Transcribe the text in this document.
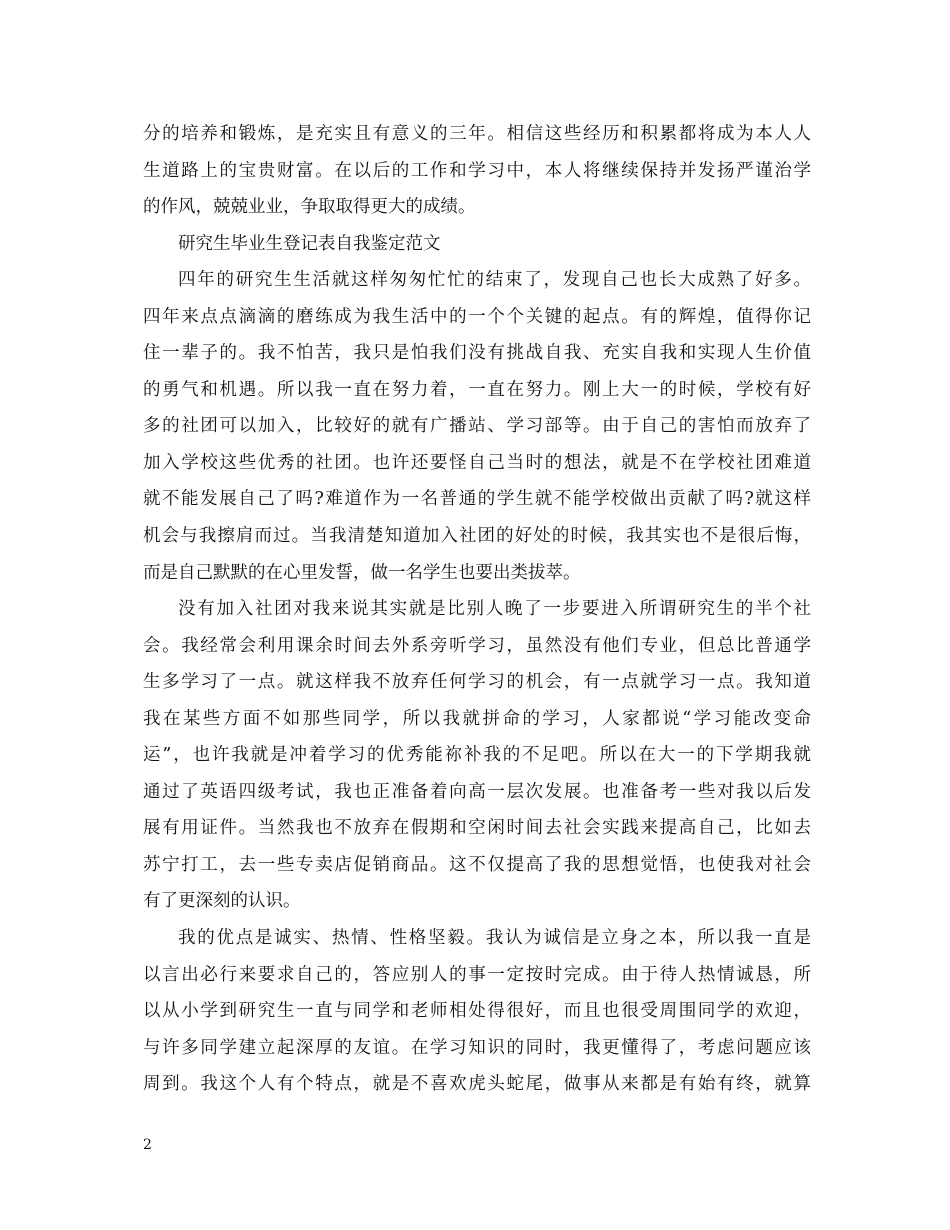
分的培养和锻炼，是充实且有意义的三年。相信这些经历和积累都将成为本人人
生道路上的宝贵财富。在以后的工作和学习中，本人将继续保持并发扬严谨治学
的作风，兢兢业业，争取取得更大的成绩。
研究生毕业生登记表自我鉴定范文
四年的研究生生活就这样匆匆忙忙的结束了，发现自己也长大成熟了好多。
四年来点点滴滴的磨练成为我生活中的一个个关键的起点。有的辉煌，值得你记
住一辈子的。我不怕苦，我只是怕我们没有挑战自我、充实自我和实现人生价值
的勇气和机遇。所以我一直在努力着，一直在努力。刚上大一的时候，学校有好
多的社团可以加入，比较好的就有广播站、学习部等。由于自己的害怕而放弃了
加入学校这些优秀的社团。也许还要怪自己当时的想法，就是不在学校社团难道
就不能发展自己了吗?难道作为一名普通的学生就不能学校做出贡献了吗?就这样
机会与我擦肩而过。当我清楚知道加入社团的好处的时候，我其实也不是很后悔，
而是自己默默的在心里发誓，做一名学生也要出类拔萃。
没有加入社团对我来说其实就是比别人晚了一步要进入所谓研究生的半个社
会。我经常会利用课余时间去外系旁听学习，虽然没有他们专业，但总比普通学
生多学习了一点。就这样我不放弃任何学习的机会，有一点就学习一点。我知道
我在某些方面不如那些同学，所以我就拼命的学习，人家都说“学习能改变命
运”，也许我就是冲着学习的优秀能祢补我的不足吧。所以在大一的下学期我就
通过了英语四级考试，我也正准备着向高一层次发展。也准备考一些对我以后发
展有用证件。当然我也不放弃在假期和空闲时间去社会实践来提高自己，比如去
苏宁打工，去一些专卖店促销商品。这不仅提高了我的思想觉悟，也使我对社会
有了更深刻的认识。
我的优点是诚实、热情、性格坚毅。我认为诚信是立身之本，所以我一直是
以言出必行来要求自己的，答应别人的事一定按时完成。由于待人热情诚恳，所
以从小学到研究生一直与同学和老师相处得很好，而且也很受周围同学的欢迎，
与许多同学建立起深厚的友谊。在学习知识的同时，我更懂得了，考虑问题应该
周到。我这个人有个特点，就是不喜欢虎头蛇尾，做事从来都是有始有终，就算
2
